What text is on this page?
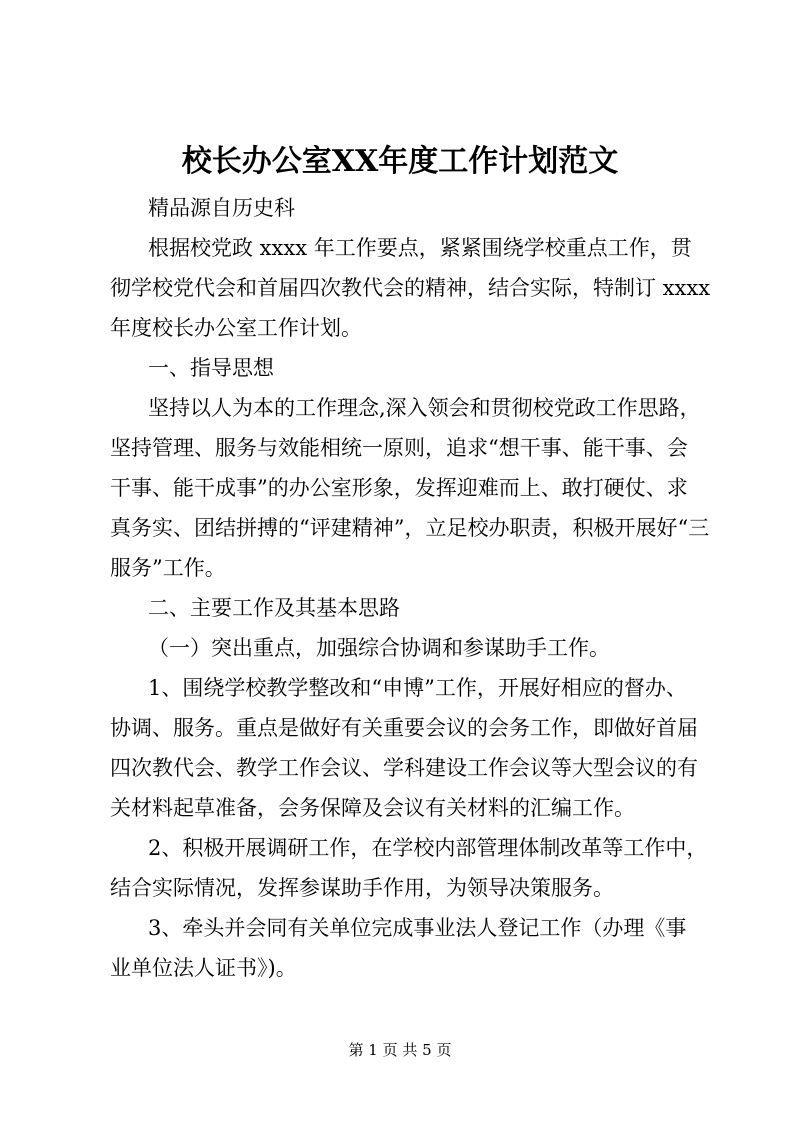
校长办公室XX年度工作计划范文
精品源自历史科
根据校党政 xxxx 年工作要点，紧紧围绕学校重点工作，贯
彻学校党代会和首届四次教代会的精神，结合实际，特制订 xxxx
年度校长办公室工作计划。
一、指导思想
坚持以人为本的工作理念,深入领会和贯彻校党政工作思路，
坚持管理、服务与效能相统一原则，追求“想干事、能干事、会
干事、能干成事”的办公室形象，发挥迎难而上、敢打硬仗、求
真务实、团结拼搏的“评建精神”，立足校办职责，积极开展好“三
服务”工作。
二、主要工作及其基本思路
（一）突出重点，加强综合协调和参谋助手工作。
1、围绕学校教学整改和“申博”工作，开展好相应的督办、
协调、服务。重点是做好有关重要会议的会务工作，即做好首届
四次教代会、教学工作会议、学科建设工作会议等大型会议的有
关材料起草准备，会务保障及会议有关材料的汇编工作。
2、积极开展调研工作，在学校内部管理体制改革等工作中，
结合实际情况，发挥参谋助手作用，为领导决策服务。
3、牵头并会同有关单位完成事业法人登记工作（办理《事
业单位法人证书》)。
第 1 页 共 5 页
